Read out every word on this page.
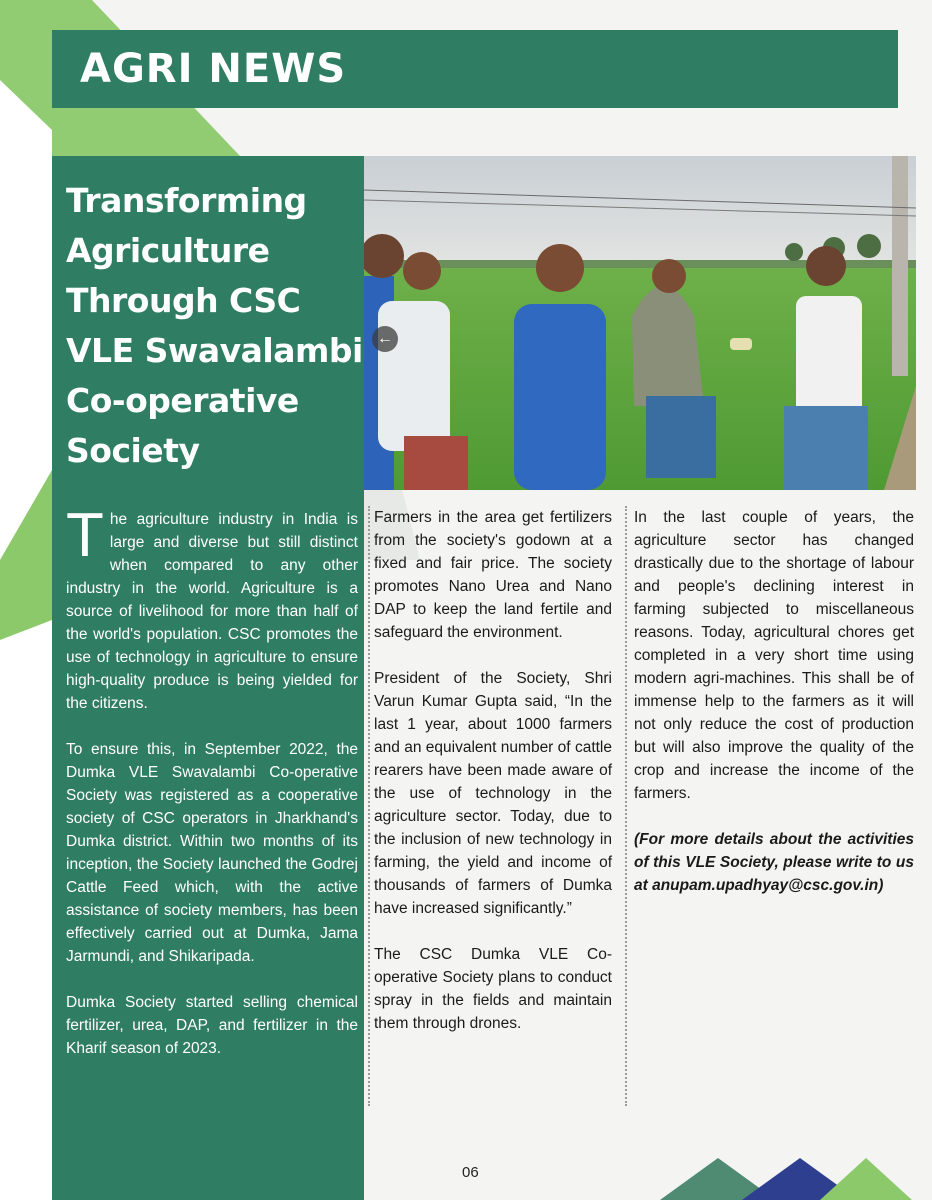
AGRI NEWS
Transforming
Agriculture
Through CSC
VLE Swavalambi
Co-operative
Society

The agriculture industry in India is large and diverse but still distinct when compared to any other industry in the world. Agriculture is a source of livelihood for more than half of the world's population. CSC promotes the use of technology in agriculture to ensure high-quality produce is being yielded for the citizens.

To ensure this, in September 2022, the Dumka VLE Swavalambi Co-operative Society was registered as a cooperative society of CSC operators in Jharkhand's Dumka district. Within two months of its inception, the Society launched the Godrej Cattle Feed which, with the active assistance of society members, has been effectively carried out at Dumka, Jama Jarmundi, and Shikaripada.

Dumka Society started selling chemical fertilizer, urea, DAP, and fertilizer in the Kharif season of 2023.

←

Farmers in the area get fertilizers from the society's godown at a fixed and fair price. The society promotes Nano Urea and Nano DAP to keep the land fertile and safeguard the environment.

President of the Society, Shri Varun Kumar Gupta said, “In the last 1 year, about 1000 farmers and an equivalent number of cattle rearers have been made aware of the use of technology in the agriculture sector. Today, due to the inclusion of new technology in farming, the yield and income of thousands of farmers of Dumka have increased significantly.”

The CSC Dumka VLE Co-operative Society plans to conduct spray in the fields and maintain them through drones.

In the last couple of years, the agriculture sector has changed drastically due to the shortage of labour and people's declining interest in farming subjected to miscellaneous reasons. Today, agricultural chores get completed in a very short time using modern agri-machines. This shall be of immense help to the farmers as it will not only reduce the cost of production but will also improve the quality of the crop and increase the income of the farmers.

(For more details about the activities of this VLE Society, please write to us at anupam.upadhyay@csc.gov.in)

06
